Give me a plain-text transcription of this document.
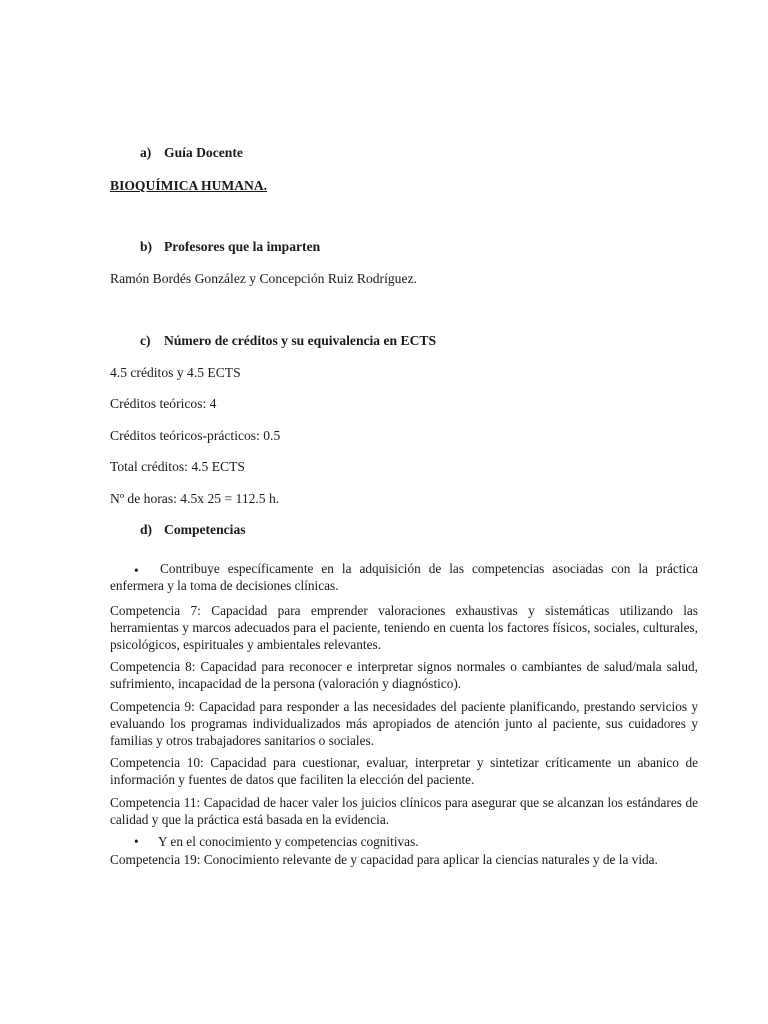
a) Guía Docente
BIOQUÍMICA HUMANA.
b) Profesores que la imparten
Ramón Bordés González y Concepción Ruiz Rodríguez.
c) Número de créditos y su equivalencia en ECTS
4.5 créditos y 4.5 ECTS
Créditos teóricos: 4
Créditos teóricos-prácticos: 0.5
Total créditos: 4.5 ECTS
Nº de horas: 4.5x 25 = 112.5 h.
d) Competencias
•	Contribuye específicamente en la adquisición de las competencias asociadas con la práctica enfermera y la toma de decisiones clínicas.
Competencia 7: Capacidad para emprender valoraciones exhaustivas y sistemáticas utilizando las herramientas y marcos adecuados para el paciente, teniendo en cuenta los factores físicos, sociales, culturales, psicológicos, espirituales y ambientales relevantes.
Competencia 8: Capacidad para reconocer e interpretar signos normales o cambiantes de salud/mala salud, sufrimiento, incapacidad de la persona (valoración y diagnóstico).
Competencia 9: Capacidad para responder a las necesidades del paciente planificando, prestando servicios y evaluando los programas individualizados más apropiados de atención junto al paciente, sus cuidadores y familias y otros trabajadores sanitarios o sociales.
Competencia 10: Capacidad para cuestionar, evaluar, interpretar y sintetizar críticamente un abanico de información y fuentes de datos que faciliten la elección del paciente.
Competencia 11: Capacidad de hacer valer los juicios clínicos para asegurar que se alcanzan los estándares de calidad y que la práctica está basada en la evidencia.
• Y en el conocimiento y competencias cognitivas.
Competencia 19: Conocimiento relevante de y capacidad para aplicar la ciencias naturales y de la vida.
